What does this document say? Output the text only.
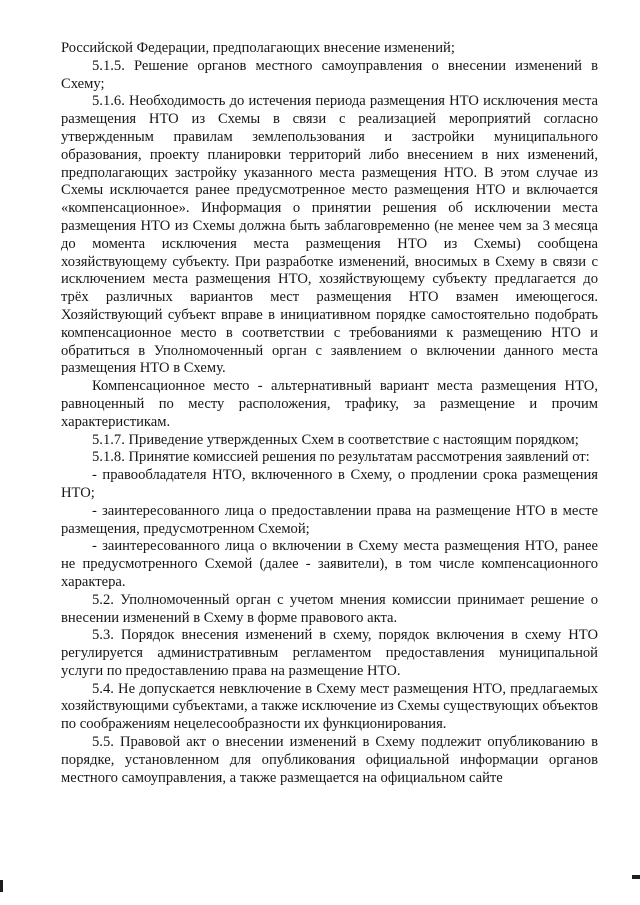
Российской Федерации, предполагающих внесение изменений;

5.1.5. Решение органов местного самоуправления о внесении изменений в Схему;

5.1.6. Необходимость до истечения периода размещения НТО исключения места размещения НТО из Схемы в связи с реализацией мероприятий согласно утвержденным правилам землепользования и застройки муниципального образования, проекту планировки территорий либо внесением в них изменений, предполагающих застройку указанного места размещения НТО. В этом случае из Схемы исключается ранее предусмотренное место размещения НТО и включается «компенсационное». Информация о принятии решения об исключении места размещения НТО из Схемы должна быть заблаговременно (не менее чем за 3 месяца до момента исключения места размещения НТО из Схемы) сообщена хозяйствующему субъекту. При разработке изменений, вносимых в Схему в связи с исключением места размещения НТО, хозяйствующему субъекту предлагается до трёх различных вариантов мест размещения НТО взамен имеющегося. Хозяйствующий субъект вправе в инициативном порядке самостоятельно подобрать компенсационное место в соответствии с требованиями к размещению НТО и обратиться в Уполномоченный орган с заявлением о включении данного места размещения НТО в Схему.

Компенсационное место - альтернативный вариант места размещения НТО, равноценный по месту расположения, трафику, за размещение и прочим характеристикам.

5.1.7. Приведение утвержденных Схем в соответствие с настоящим порядком;

5.1.8. Принятие комиссией решения по результатам рассмотрения заявлений от:

- правообладателя НТО, включенного в Схему, о продлении срока размещения НТО;

- заинтересованного лица о предоставлении права на размещение НТО в месте размещения, предусмотренном Схемой;

- заинтересованного лица о включении в Схему места размещения НТО, ранее не предусмотренного Схемой (далее - заявители), в том числе компенсационного характера.

5.2. Уполномоченный орган с учетом мнения комиссии принимает решение о внесении изменений в Схему в форме правового акта.

5.3. Порядок внесения изменений в схему, порядок включения в схему НТО регулируется административным регламентом предоставления муниципальной услуги по предоставлению права на размещение НТО.

5.4. Не допускается невключение в Схему мест размещения НТО, предлагаемых хозяйствующими субъектами, а также исключение из Схемы существующих объектов по соображениям нецелесообразности их функционирования.

5.5. Правовой акт о внесении изменений в Схему подлежит опубликованию в порядке, установленном для опубликования официальной информации органов местного самоуправления, а также размещается на официальном сайте
